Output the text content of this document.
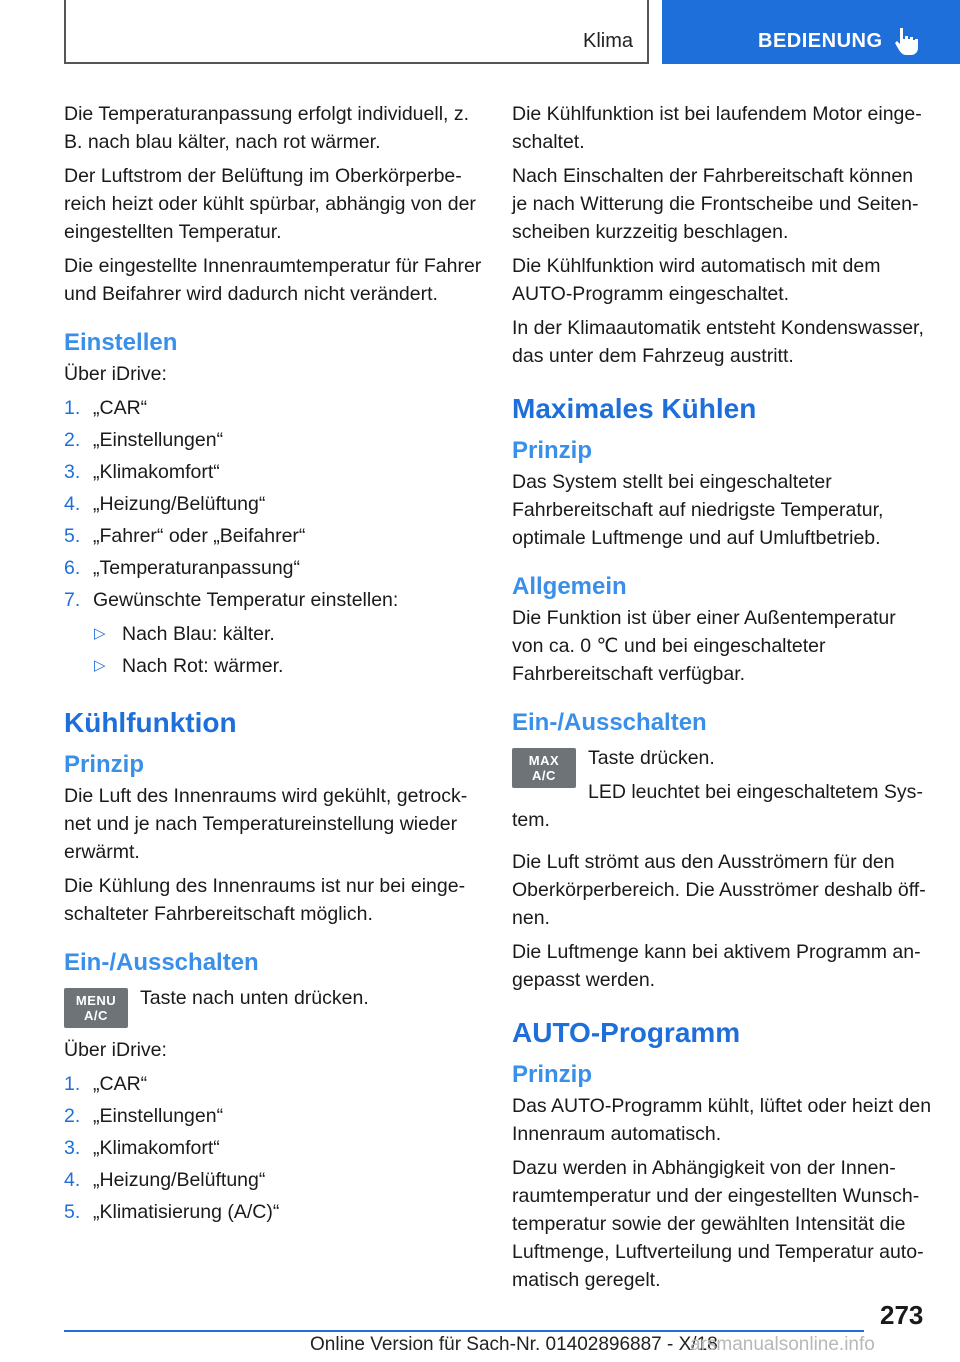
Klima	BEDIENUNG

Die Temperaturanpassung erfolgt individuell, z. B. nach blau kälter, nach rot wärmer.

Der Luftstrom der Belüftung im Oberkörperbereich heizt oder kühlt spürbar, abhängig von der eingestellten Temperatur.

Die eingestellte Innenraumtemperatur für Fahrer und Beifahrer wird dadurch nicht verändert.

Einstellen

Über iDrive:

1. „CAR“
2. „Einstellungen“
3. „Klimakomfort“
4. „Heizung/Belüftung“
5. „Fahrer“ oder „Beifahrer“
6. „Temperaturanpassung“
7. Gewünschte Temperatur einstellen:
▷ Nach Blau: kälter.
▷ Nach Rot: wärmer.
Kühlfunktion
Prinzip

Die Luft des Innenraums wird gekühlt, getrocknet und je nach Temperatureinstellung wieder erwärmt.

Die Kühlung des Innenraums ist nur bei eingeschalteter Fahrbereitschaft möglich.

Ein-/Ausschalten
MENU
A/C

Taste nach unten drücken.

Über iDrive:

1. „CAR“
2. „Einstellungen“
3. „Klimakomfort“
4. „Heizung/Belüftung“
5. „Klimatisierung (A/C)“

Die Kühlfunktion ist bei laufendem Motor eingeschaltet.

Nach Einschalten der Fahrbereitschaft können je nach Witterung die Frontscheibe und Seitenscheiben kurzzeitig beschlagen.

Die Kühlfunktion wird automatisch mit dem AUTO-Programm eingeschaltet.

In der Klimaautomatik entsteht Kondenswasser, das unter dem Fahrzeug austritt.

Maximales Kühlen
Prinzip

Das System stellt bei eingeschalteter Fahrbereitschaft auf niedrigste Temperatur, optimale Luftmenge und auf Umluftbetrieb.

Allgemein

Die Funktion ist über einer Außentemperatur von ca. 0 ℃ und bei eingeschalteter Fahrbereitschaft verfügbar.

Ein-/Ausschalten
MAX
A/C

Taste drücken.

LED leuchtet bei eingeschaltetem System.

Die Luft strömt aus den Ausströmern für den Oberkörperbereich. Die Ausströmer deshalb öffnen.

Die Luftmenge kann bei aktivem Programm angepasst werden.

AUTO-Programm
Prinzip

Das AUTO-Programm kühlt, lüftet oder heizt den Innenraum automatisch.

Dazu werden in Abhängigkeit von der Innenraumtemperatur und der eingestellten Wunschtemperatur sowie der gewählten Intensität die Luftmenge, Luftverteilung und Temperatur automatisch geregelt.

273
Online Version für Sach-Nr. 01402896887 - X/18
arsmanualsonline.info
